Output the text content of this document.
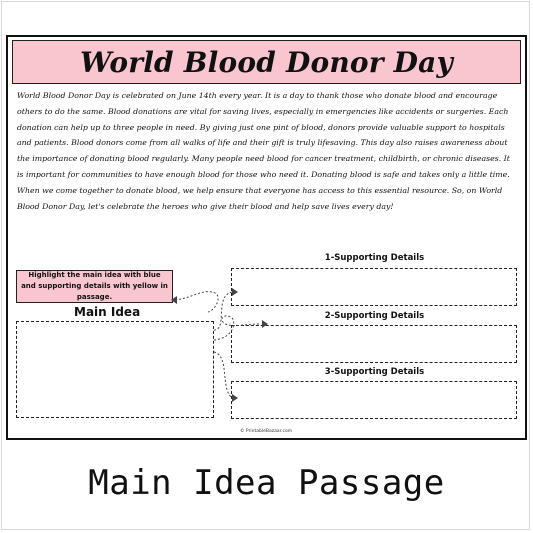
World Blood Donor Day
World Blood Donor Day is celebrated on June 14th every year. It is a day to thank those who donate blood and encourage others to do the same. Blood donations are vital for saving lives, especially in emergencies like accidents or surgeries. Each donation can help up to three people in need. By giving just one pint of blood, donors provide valuable support to hospitals and patients. Blood donors come from all walks of life and their gift is truly lifesaving. This day also raises awareness about the importance of donating blood regularly. Many people need blood for cancer treatment, childbirth, or chronic diseases. It is important for communities to have enough blood for those who need it. Donating blood is safe and takes only a little time. When we come together to donate blood, we help ensure that everyone has access to this essential resource. So, on World Blood Donor Day, let's celebrate the heroes who give their blood and help save lives every day!
Highlight the main idea with blue and supporting details with yellow in passage.
Main Idea
1-Supporting Details
2-Supporting Details
3-Supporting Details
© PrintableBazaar.com
Main Idea Passage
